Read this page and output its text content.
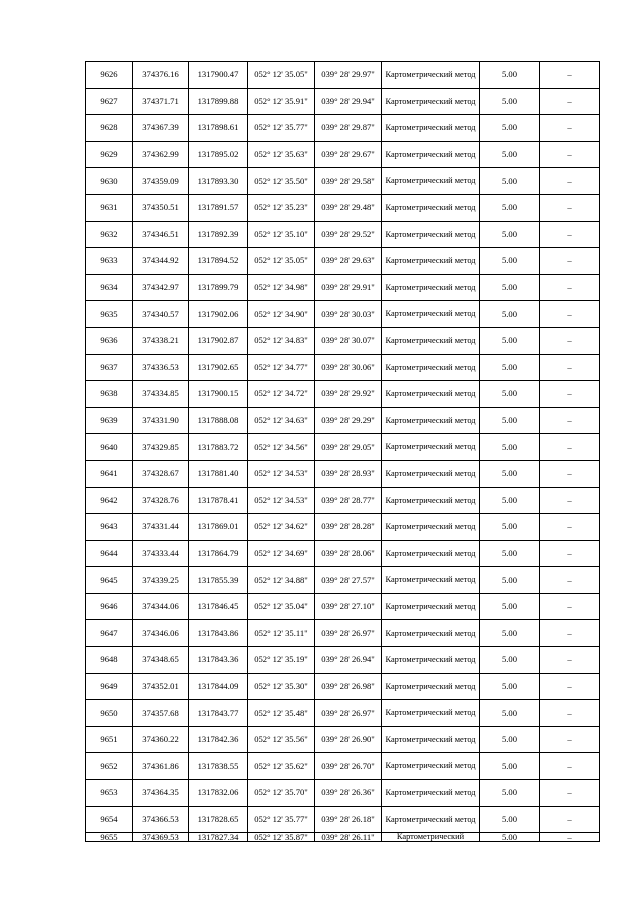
9626	374376.16	1317900.47	052° 12' 35.05"	039° 28' 29.97"	Картометрический метод	5.00	–
9627	374371.71	1317899.88	052° 12' 35.91"	039° 28' 29.94"	Картометрический метод	5.00	–
9628	374367.39	1317898.61	052° 12' 35.77"	039° 28' 29.87"	Картометрический метод	5.00	–
9629	374362.99	1317895.02	052° 12' 35.63"	039° 28' 29.67"	Картометрический метод	5.00	–
9630	374359.09	1317893.30	052° 12' 35.50"	039° 28' 29.58"	Картометрический метод	5.00	–
9631	374350.51	1317891.57	052° 12' 35.23"	039° 28' 29.48"	Картометрический метод	5.00	–
9632	374346.51	1317892.39	052° 12' 35.10"	039° 28' 29.52"	Картометрический метод	5.00	–
9633	374344.92	1317894.52	052° 12' 35.05"	039° 28' 29.63"	Картометрический метод	5.00	–
9634	374342.97	1317899.79	052° 12' 34.98"	039° 28' 29.91"	Картометрический метод	5.00	–
9635	374340.57	1317902.06	052° 12' 34.90"	039° 28' 30.03"	Картометрический метод	5.00	–
9636	374338.21	1317902.87	052° 12' 34.83"	039° 28' 30.07"	Картометрический метод	5.00	–
9637	374336.53	1317902.65	052° 12' 34.77"	039° 28' 30.06"	Картометрический метод	5.00	–
9638	374334.85	1317900.15	052° 12' 34.72"	039° 28' 29.92"	Картометрический метод	5.00	–
9639	374331.90	1317888.08	052° 12' 34.63"	039° 28' 29.29"	Картометрический метод	5.00	–
9640	374329.85	1317883.72	052° 12' 34.56"	039° 28' 29.05"	Картометрический метод	5.00	–
9641	374328.67	1317881.40	052° 12' 34.53"	039° 28' 28.93"	Картометрический метод	5.00	–
9642	374328.76	1317878.41	052° 12' 34.53"	039° 28' 28.77"	Картометрический метод	5.00	–
9643	374331.44	1317869.01	052° 12' 34.62"	039° 28' 28.28"	Картометрический метод	5.00	–
9644	374333.44	1317864.79	052° 12' 34.69"	039° 28' 28.06"	Картометрический метод	5.00	–
9645	374339.25	1317855.39	052° 12' 34.88"	039° 28' 27.57"	Картометрический метод	5.00	–
9646	374344.06	1317846.45	052° 12' 35.04"	039° 28' 27.10"	Картометрический метод	5.00	–
9647	374346.06	1317843.86	052° 12' 35.11"	039° 28' 26.97"	Картометрический метод	5.00	–
9648	374348.65	1317843.36	052° 12' 35.19"	039° 28' 26.94"	Картометрический метод	5.00	–
9649	374352.01	1317844.09	052° 12' 35.30"	039° 28' 26.98"	Картометрический метод	5.00	–
9650	374357.68	1317843.77	052° 12' 35.48"	039° 28' 26.97"	Картометрический метод	5.00	–
9651	374360.22	1317842.36	052° 12' 35.56"	039° 28' 26.90"	Картометрический метод	5.00	–
9652	374361.86	1317838.55	052° 12' 35.62"	039° 28' 26.70"	Картометрический метод	5.00	–
9653	374364.35	1317832.06	052° 12' 35.70"	039° 28' 26.36"	Картометрический метод	5.00	–
9654	374366.53	1317828.65	052° 12' 35.77"	039° 28' 26.18"	Картометрический метод	5.00	–
9655	374369.53	1317827.34	052° 12' 35.87"	039° 28' 26.11"	Картометрический	5.00	–
